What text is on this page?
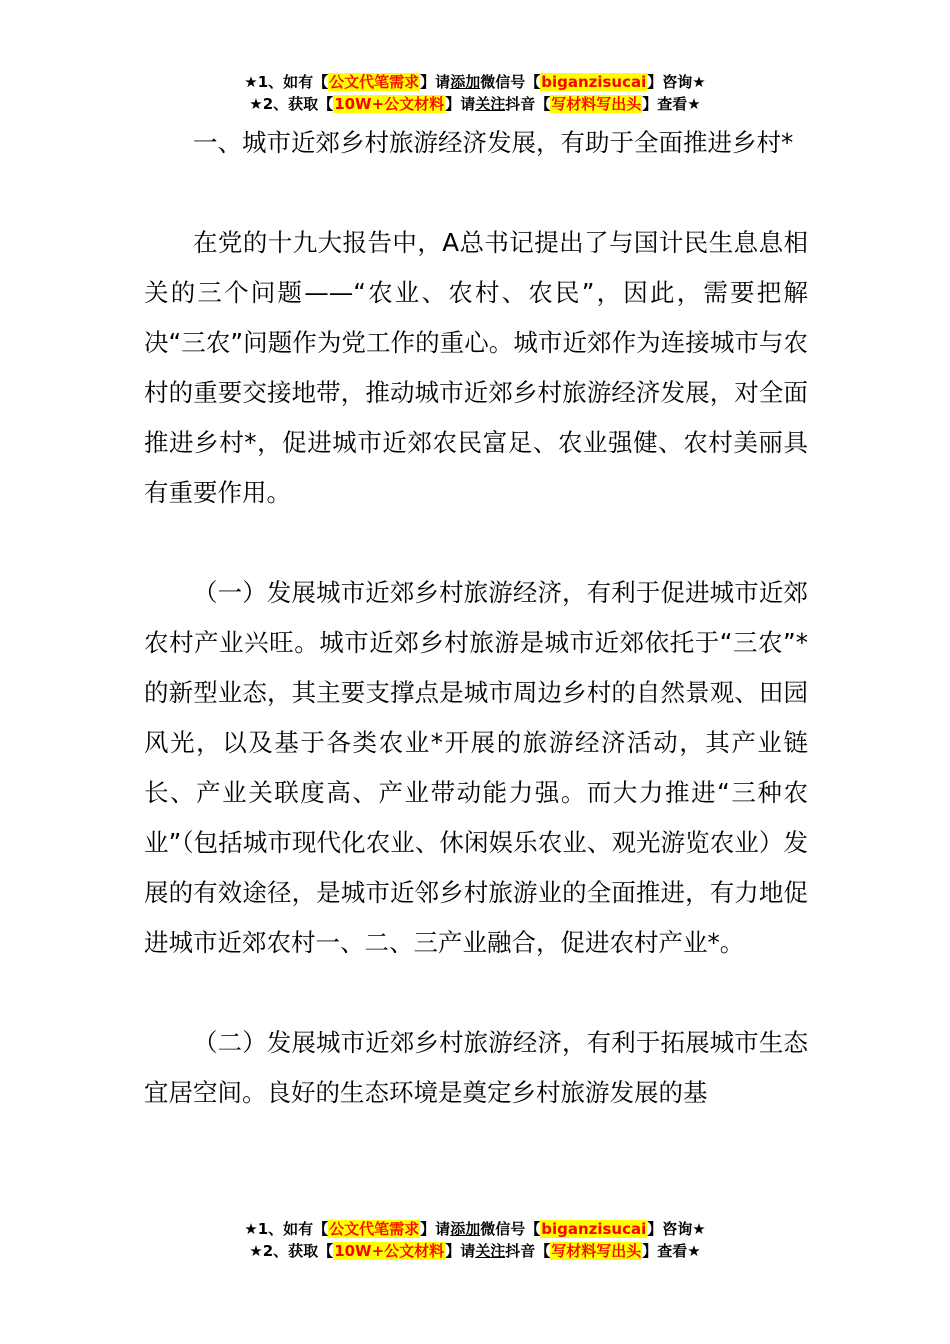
★1、如有【公文代笔需求】请添加微信号【biganzisucai】咨询★
★2、获取【10W+公文材料】请关注抖音【写材料写出头】查看★

一、城市近郊乡村旅游经济发展，有助于全面推进乡村*

在党的十九大报告中，A总书记提出了与国计民生息息相关的三个问题——“农业、农村、农民”，因此，需要把解决“三农”问题作为党工作的重心。城市近郊作为连接城市与农村的重要交接地带，推动城市近郊乡村旅游经济发展，对全面推进乡村*，促进城市近郊农民富足、农业强健、农村美丽具有重要作用。

（一）发展城市近郊乡村旅游经济，有利于促进城市近郊农村产业兴旺。城市近郊乡村旅游是城市近郊依托于“三农”*的新型业态，其主要支撑点是城市周边乡村的自然景观、田园风光，以及基于各类农业*开展的旅游经济活动，其产业链长、产业关联度高、产业带动能力强。而大力推进“三种农业”（包括城市现代化农业、休闲娱乐农业、观光游览农业）发展的有效途径，是城市近邻乡村旅游业的全面推进，有力地促进城市近郊农村一、二、三产业融合，促进农村产业*。

（二）发展城市近郊乡村旅游经济，有利于拓展城市生态宜居空间。良好的生态环境是奠定乡村旅游发展的基

★1、如有【公文代笔需求】请添加微信号【biganzisucai】咨询★
★2、获取【10W+公文材料】请关注抖音【写材料写出头】查看★
